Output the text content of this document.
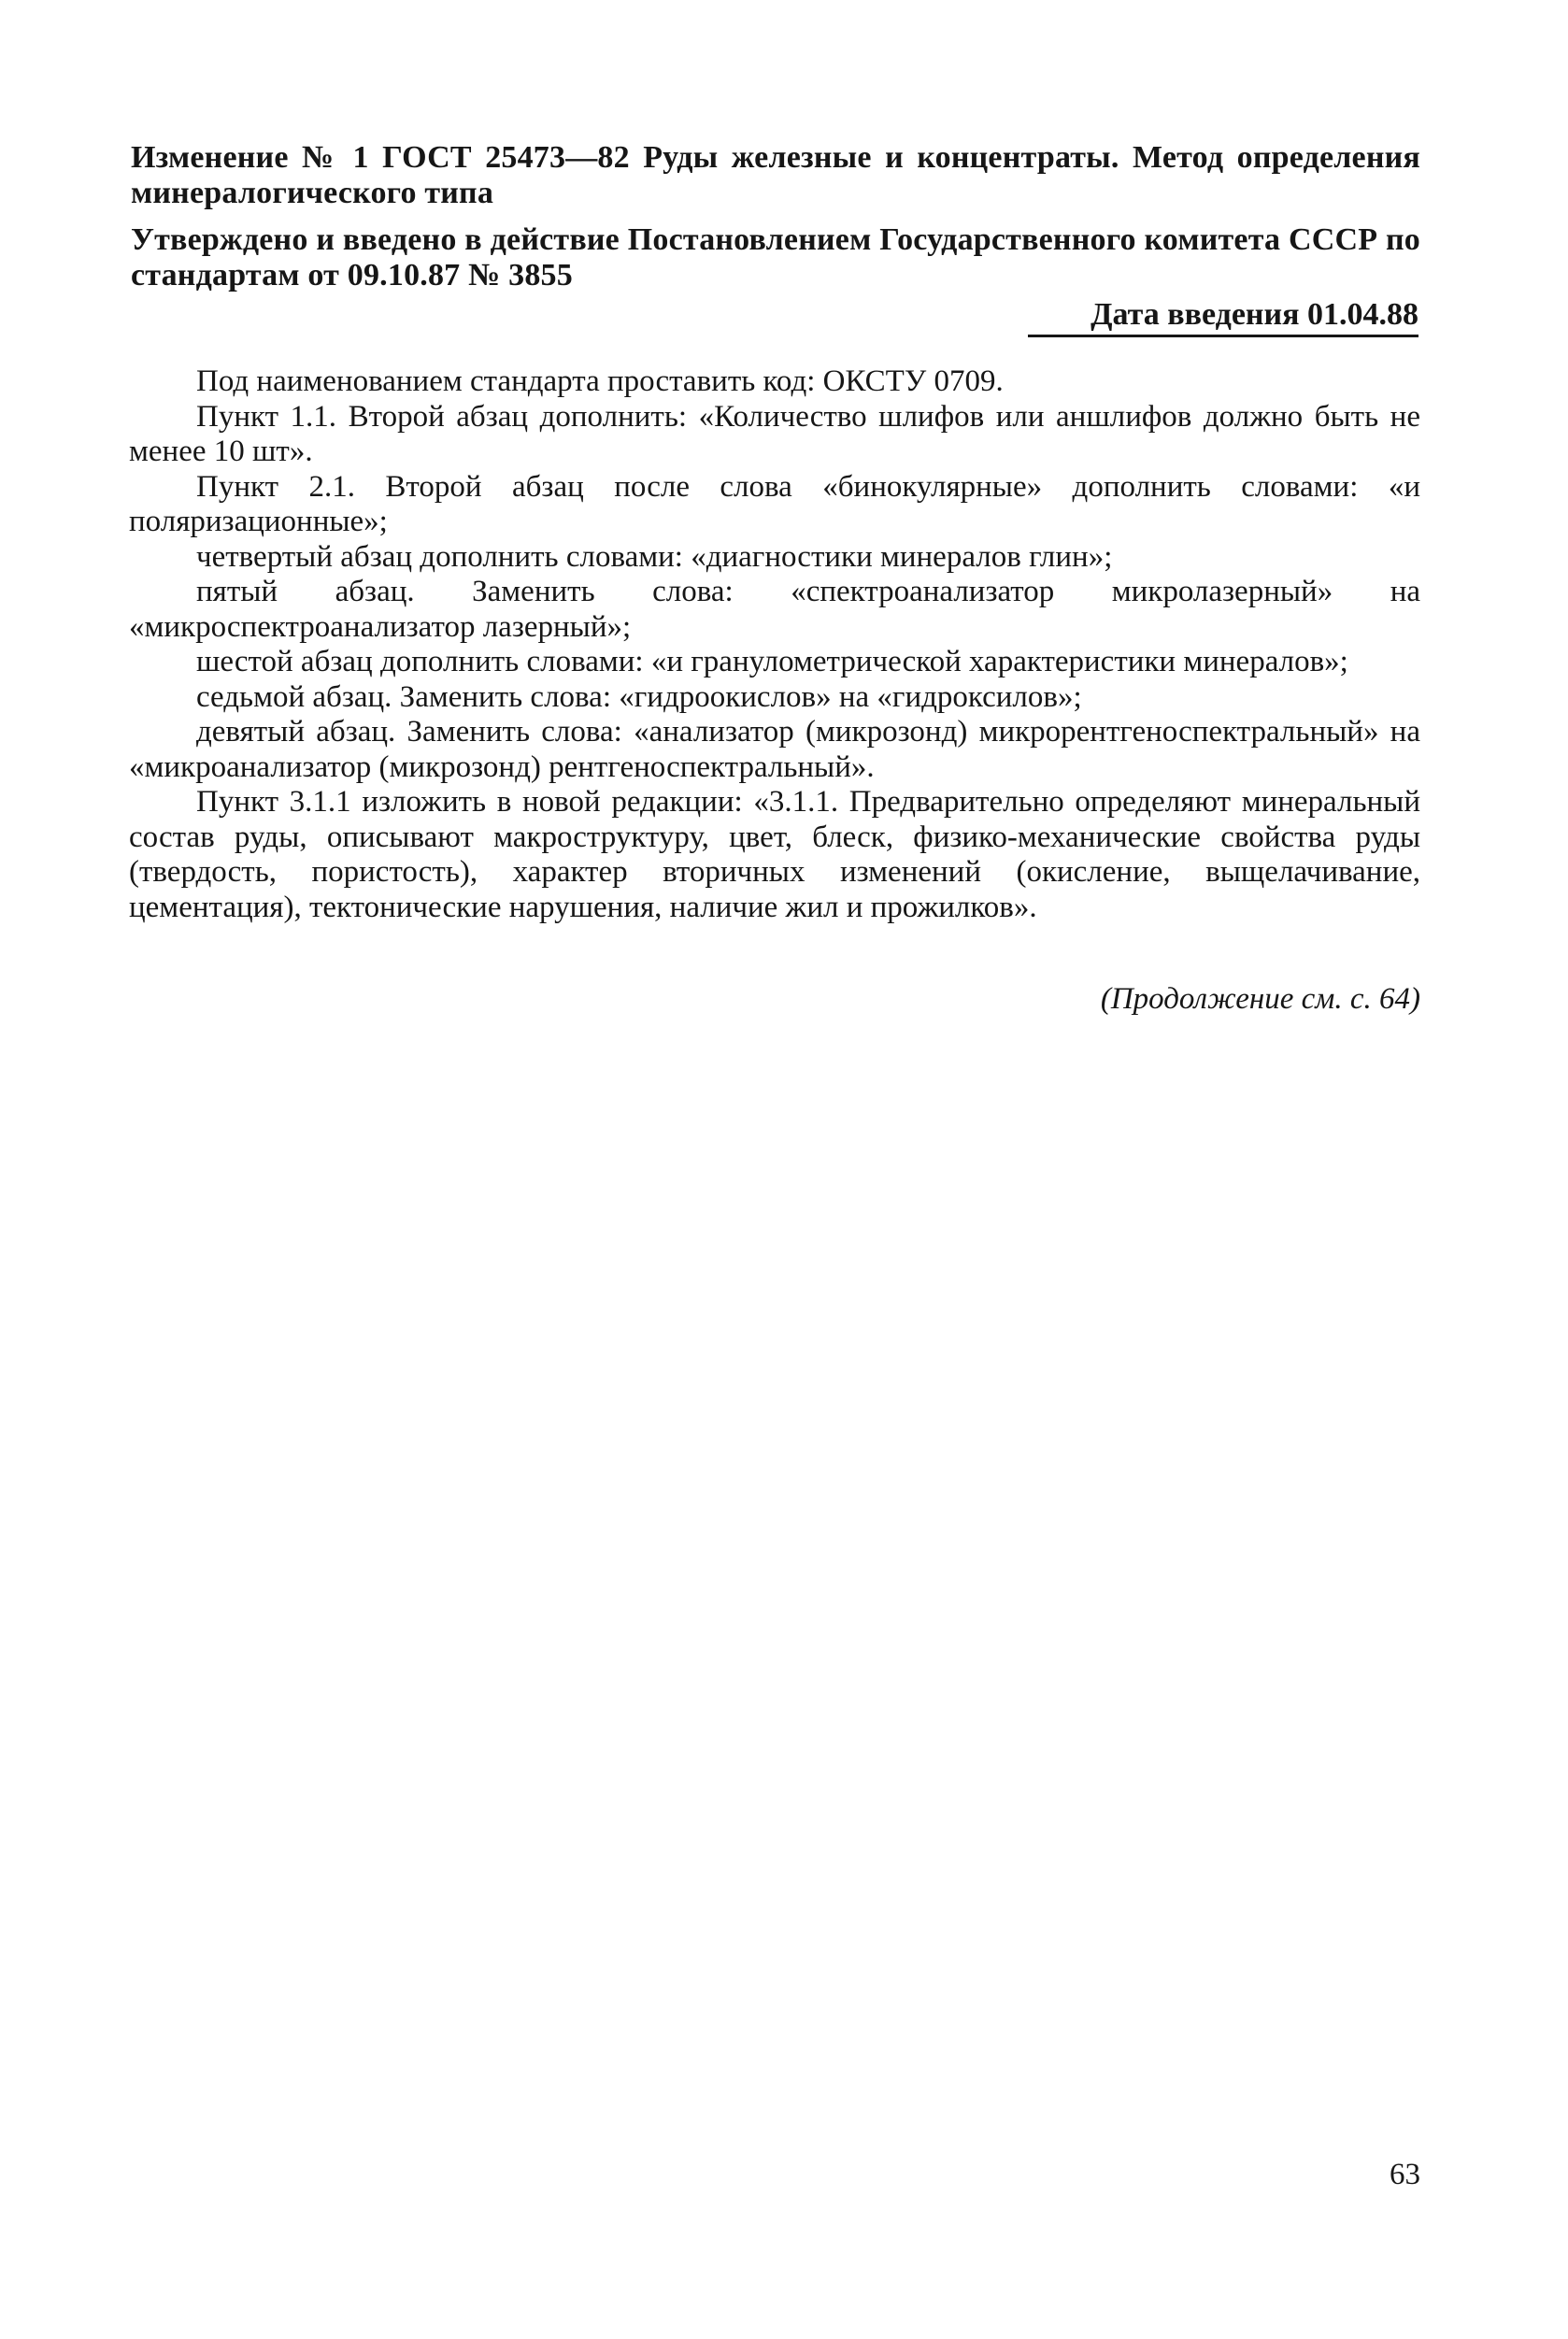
Изменение № 1 ГОСТ 25473—82 Руды железные и концентраты. Метод определения минералогического типа
Утверждено и введено в действие Постановлением Государственного комитета СССР по стандартам от 09.10.87 № 3855
Дата введения 01.04.88

Под наименованием стандарта проставить код: ОКСТУ 0709.

Пункт 1.1. Второй абзац дополнить: «Количество шлифов или аншлифов должно быть не менее 10 шт».

Пункт 2.1. Второй абзац после слова «бинокулярные» дополнить словами: «и поляризационные»;

четвертый абзац дополнить словами: «диагностики минералов глин»;

пятый абзац. Заменить слова: «спектроанализатор микролазерный» на «микроспектроанализатор лазерный»;

шестой абзац дополнить словами: «и гранулометрической характеристики минералов»;

седьмой абзац. Заменить слова: «гидроокислов» на «гидроксилов»;

девятый абзац. Заменить слова: «анализатор (микрозонд) микрорентгеноспектральный» на «микроанализатор (микрозонд) рентгеноспектральный».

Пункт 3.1.1 изложить в новой редакции: «3.1.1. Предварительно определяют минеральный состав руды, описывают макроструктуру, цвет, блеск, физико-механические свойства руды (твердость, пористость), характер вторичных изменений (окисление, выщелачивание, цементация), тектонические нарушения, наличие жил и прожилков».

(Продолжение см. с. 64)
63
